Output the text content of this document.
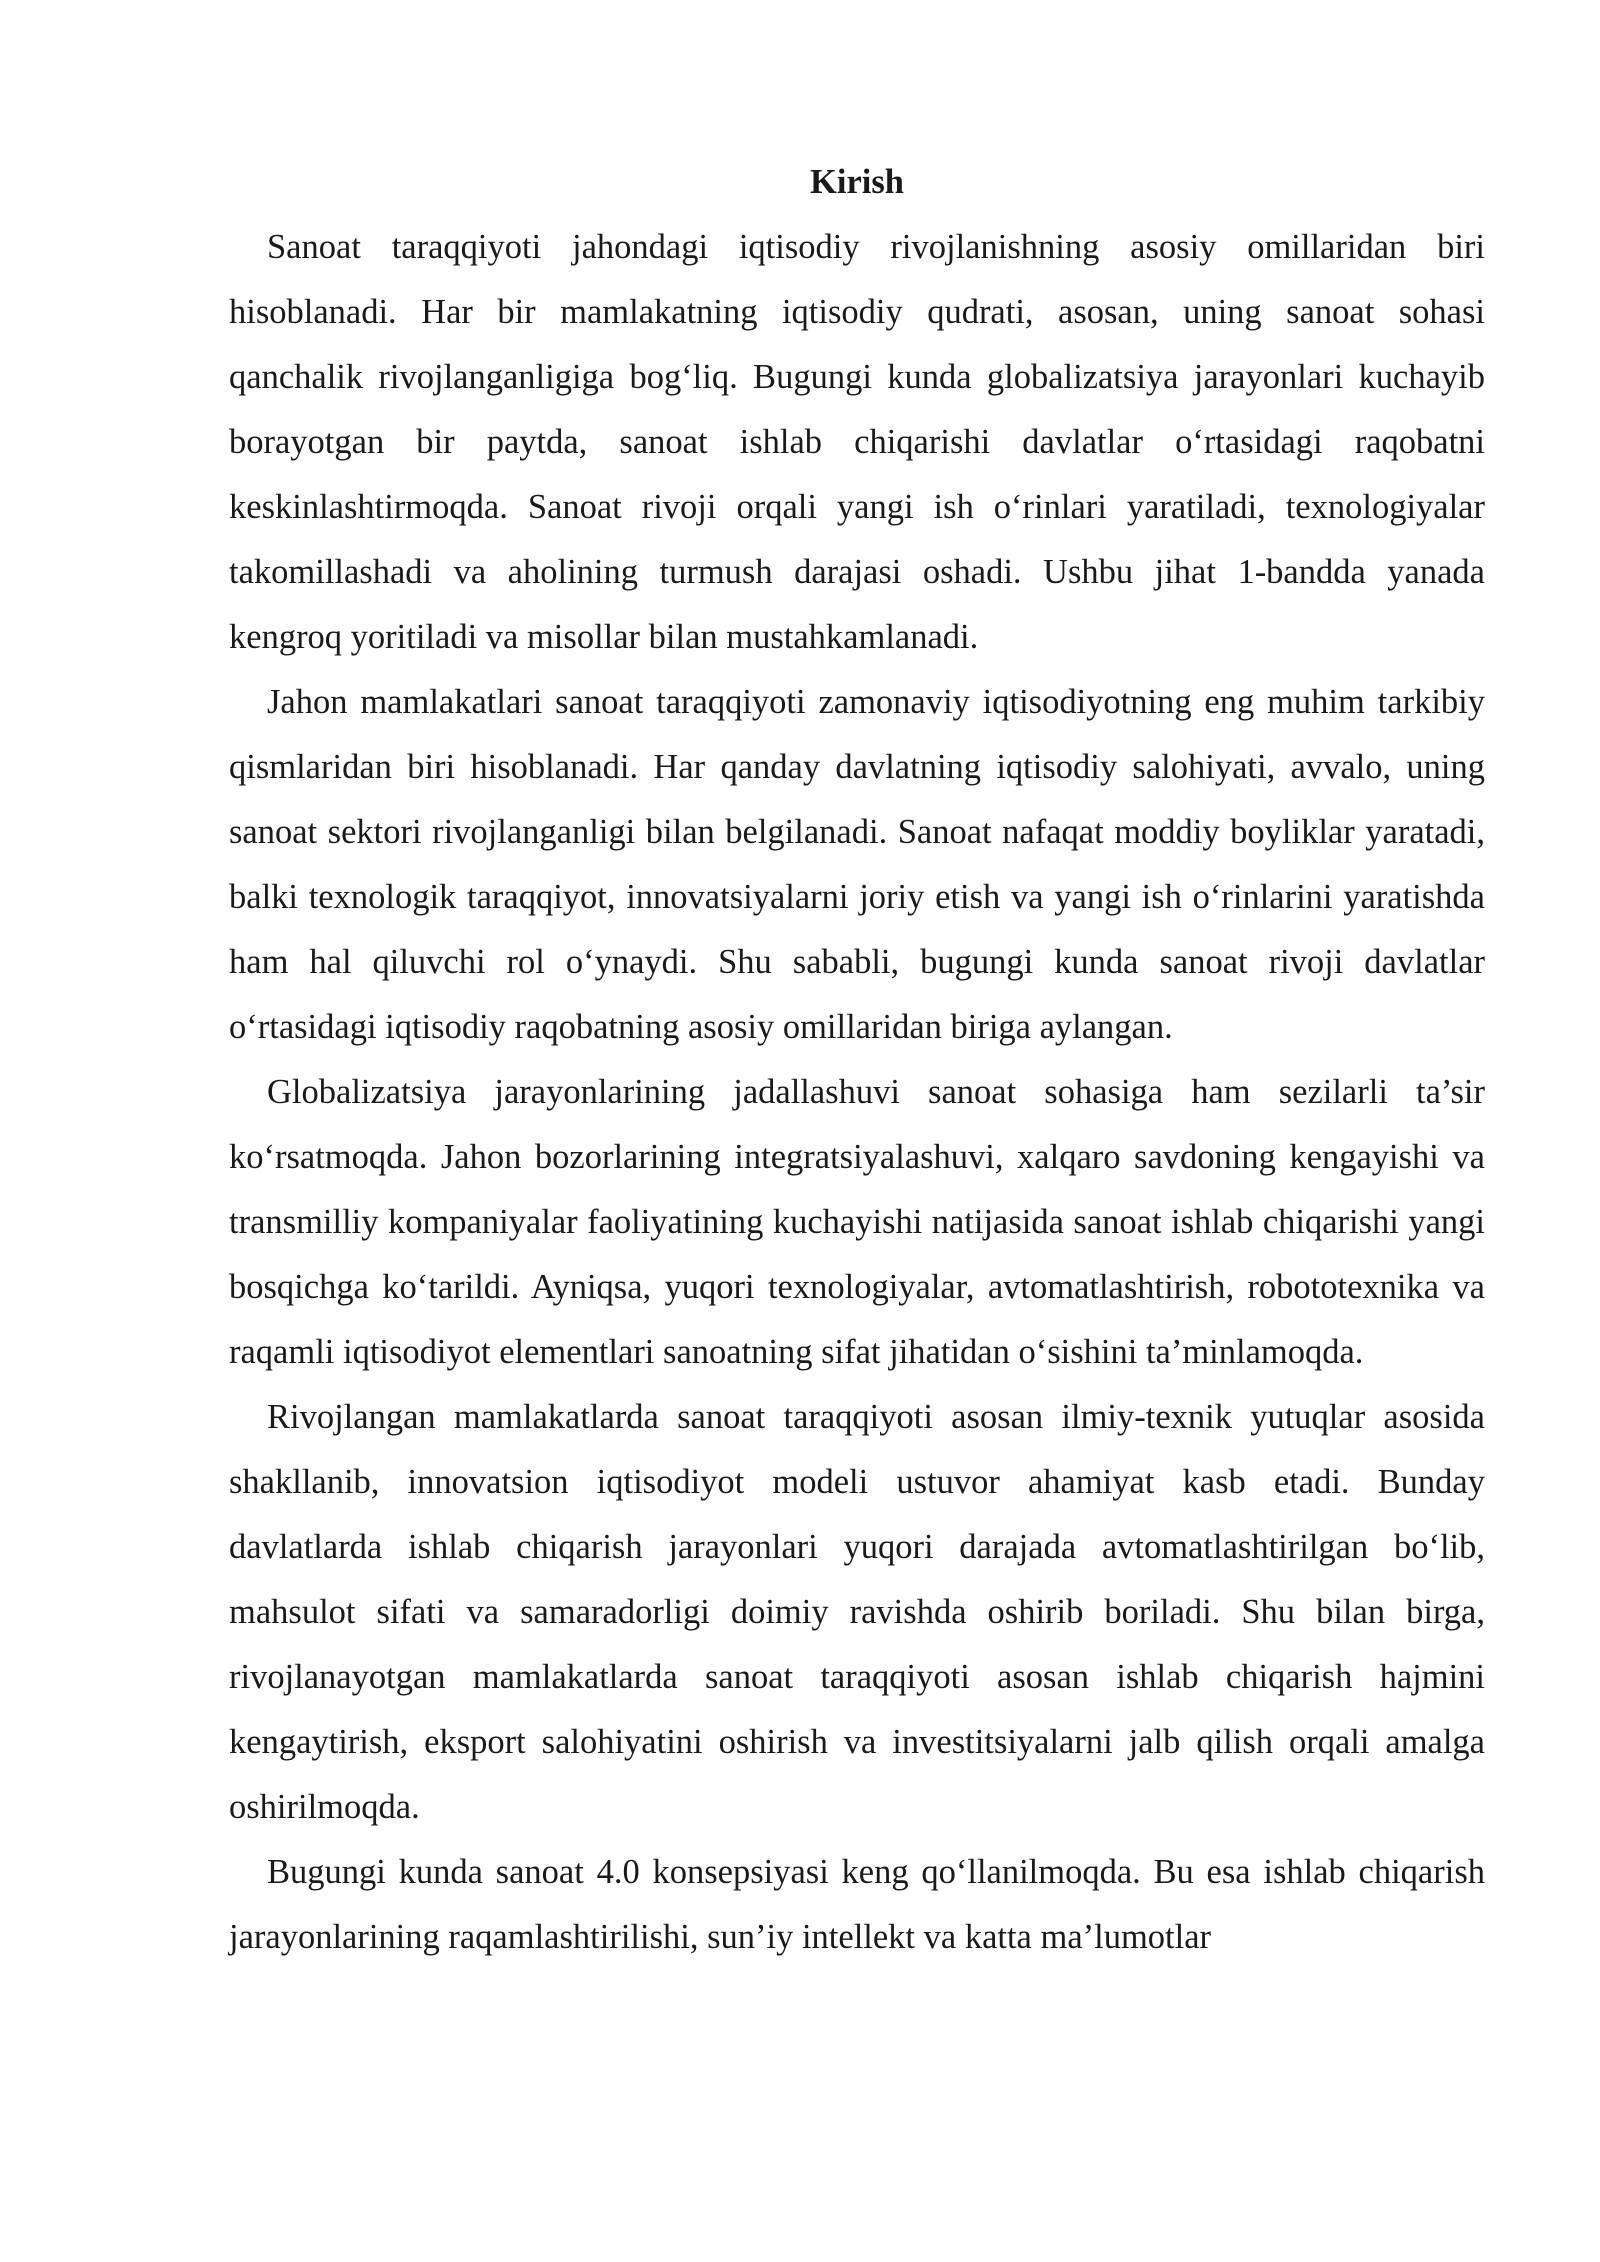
Kirish

Sanoat taraqqiyoti jahondagi iqtisodiy rivojlanishning asosiy omillaridan biri hisoblanadi. Har bir mamlakatning iqtisodiy qudrati, asosan, uning sanoat sohasi qanchalik rivojlanganligiga bog‘liq. Bugungi kunda globalizatsiya jarayonlari kuchayib borayotgan bir paytda, sanoat ishlab chiqarishi davlatlar o‘rtasidagi raqobatni keskinlashtirmoqda. Sanoat rivoji orqali yangi ish o‘rinlari yaratiladi, texnologiyalar takomillashadi va aholining turmush darajasi oshadi. Ushbu jihat 1-bandda yanada kengroq yoritiladi va misollar bilan mustahkamlanadi.

Jahon mamlakatlari sanoat taraqqiyoti zamonaviy iqtisodiyotning eng muhim tarkibiy qismlaridan biri hisoblanadi. Har qanday davlatning iqtisodiy salohiyati, avvalo, uning sanoat sektori rivojlanganligi bilan belgilanadi. Sanoat nafaqat moddiy boyliklar yaratadi, balki texnologik taraqqiyot, innovatsiyalarni joriy etish va yangi ish o‘rinlarini yaratishda ham hal qiluvchi rol o‘ynaydi. Shu sababli, bugungi kunda sanoat rivoji davlatlar o‘rtasidagi iqtisodiy raqobatning asosiy omillaridan biriga aylangan.

Globalizatsiya jarayonlarining jadallashuvi sanoat sohasiga ham sezilarli ta’sir ko‘rsatmoqda. Jahon bozorlarining integratsiyalashuvi, xalqaro savdoning kengayishi va transmilliy kompaniyalar faoliyatining kuchayishi natijasida sanoat ishlab chiqarishi yangi bosqichga ko‘tarildi. Ayniqsa, yuqori texnologiyalar, avtomatlashtirish, robototexnika va raqamli iqtisodiyot elementlari sanoatning sifat jihatidan o‘sishini ta’minlamoqda.

Rivojlangan mamlakatlarda sanoat taraqqiyoti asosan ilmiy-texnik yutuqlar asosida shakllanib, innovatsion iqtisodiyot modeli ustuvor ahamiyat kasb etadi. Bunday davlatlarda ishlab chiqarish jarayonlari yuqori darajada avtomatlashtirilgan bo‘lib, mahsulot sifati va samaradorligi doimiy ravishda oshirib boriladi. Shu bilan birga, rivojlanayotgan mamlakatlarda sanoat taraqqiyoti asosan ishlab chiqarish hajmini kengaytirish, eksport salohiyatini oshirish va investitsiyalarni jalb qilish orqali amalga oshirilmoqda.

Bugungi kunda sanoat 4.0 konsepsiyasi keng qo‘llanilmoqda. Bu esa ishlab chiqarish jarayonlarining raqamlashtirilishi, sun’iy intellekt va katta ma’lumotlar
